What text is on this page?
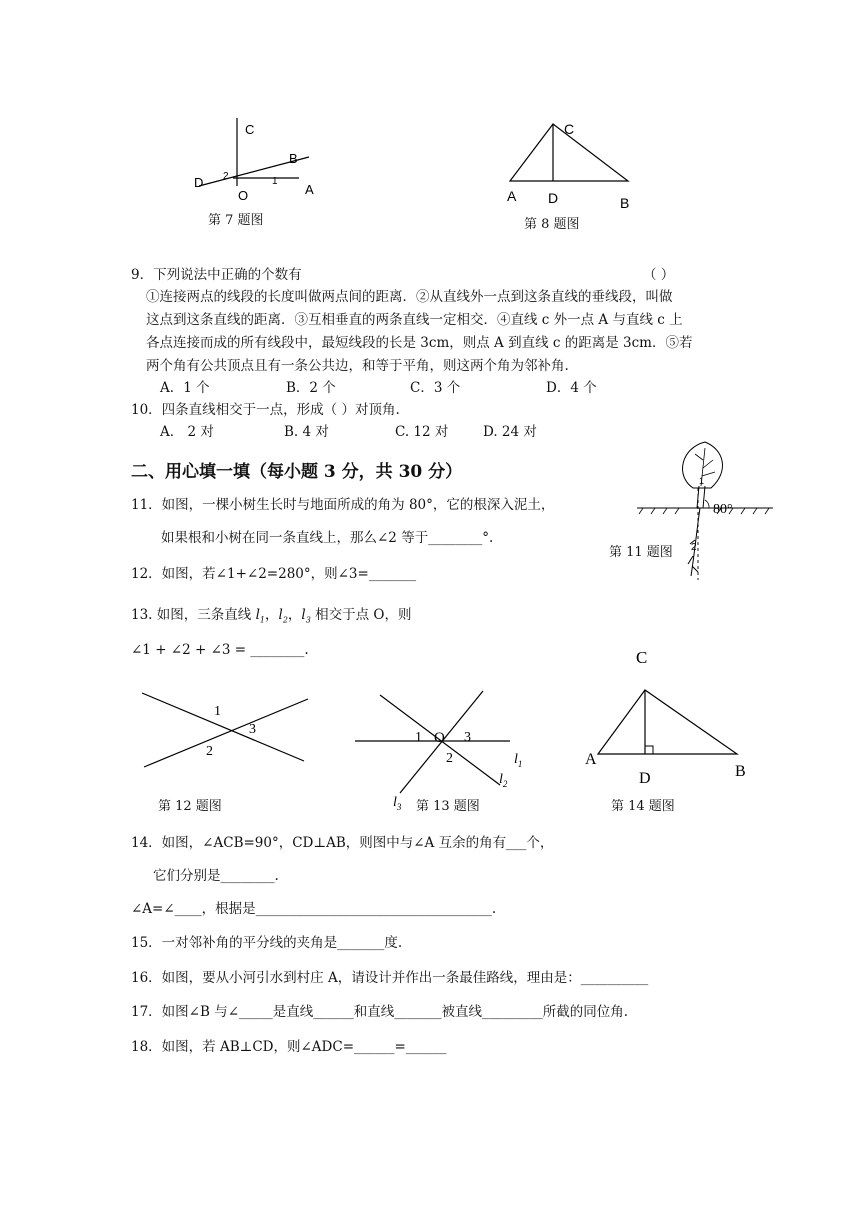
C
B
D 2	1
O	A
第 7 题图
C
A D	B
第 8 题图
9．下列说法中正确的个数有	（ ）
①连接两点的线段的长度叫做两点间的距离．②从直线外一点到这条直线的垂线段，叫做
这点到这条直线的距离．③互相垂直的两条直线一定相交．④直线 c 外一点 A 与直线 c 上
各点连接而成的所有线段中，最短线段的长是 3cm，则点 A 到直线 c 的距离是 3cm．⑤若
两个角有公共顶点且有一条公共边，和等于平角，则这两个角为邻补角.
A．1 个	B．2 个	C．3 个	D．4 个
10．四条直线相交于一点，形成（ ）对顶角.
A． 2 对	B. 4 对	C. 12 对	D. 24 对
二、用心填一填（每小题 3 分，共 30 分）
11．如图，一棵小树生长时与地面所成的角为 80°，它的根深入泥土，
如果根和小树在同一条直线上，那么∠2 等于________°.
80°
1
2
第 11 题图
12．如图，若∠1+∠2=280°，则∠3=_______
13. 如图，三条直线 $l_1$，$l_2$，$l_3$ 相交于点 O，则
∠1 + ∠2 + ∠3 = ________.
1
3
2
第 12 题图
1 O 3
2	$l_1$
$l_2$
$l_3$ 第 13 题图
C
A
D	B
第 14 题图
14．如图，∠ACB=90°，CD⊥AB，则图中与∠A 互余的角有___个，
它们分别是________.
∠A=∠____，根据是___________________________________.
15．一对邻补角的平分线的夹角是_______度.
16．如图，要从小河引水到村庄 A，请设计并作出一条最佳路线，理由是：__________
17．如图∠B 与∠_____是直线______和直线_______被直线_________所截的同位角.
18．如图，若 AB⊥CD，则∠ADC=______=______
